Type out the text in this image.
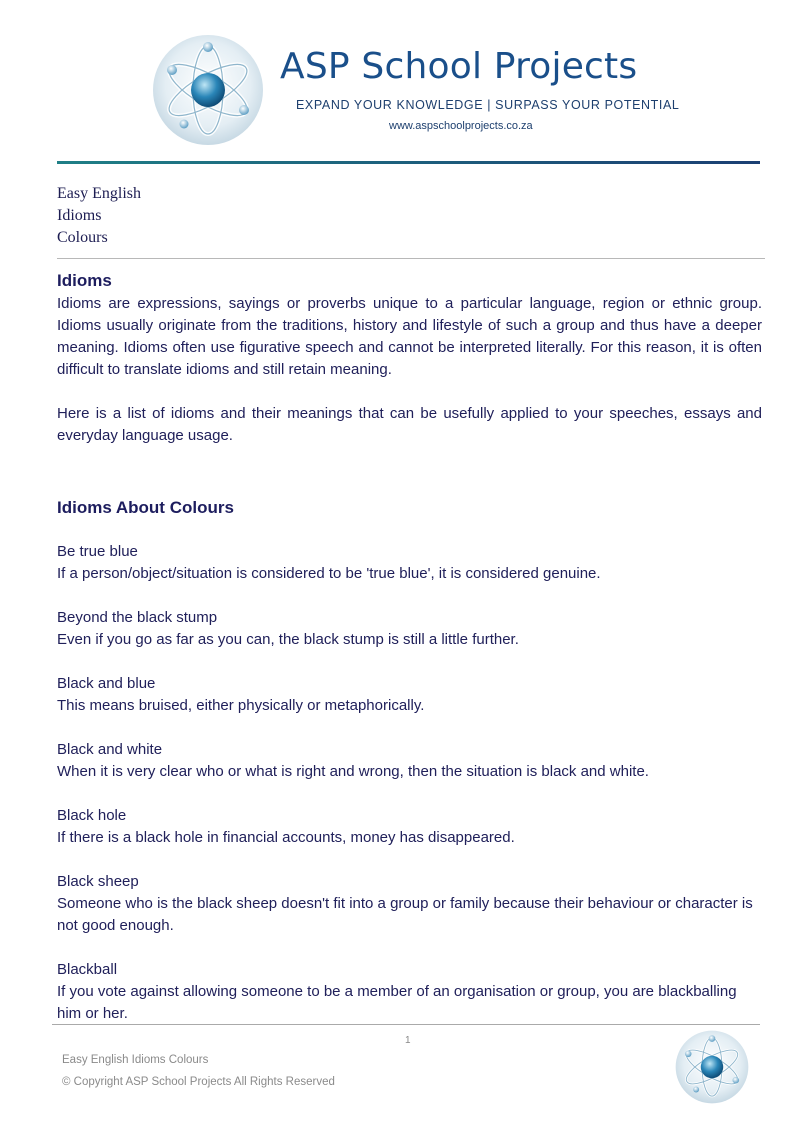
ASP School Projects
EXPAND YOUR KNOWLEDGE | SURPASS YOUR POTENTIAL
www.aspschoolprojects.co.za
Easy English
Idioms
Colours
Idioms

Idioms are expressions, sayings or proverbs unique to a particular language, region or ethnic group. Idioms usually originate from the traditions, history and lifestyle of such a group and thus have a deeper meaning. Idioms often use figurative speech and cannot be interpreted literally. For this reason, it is often difficult to translate idioms and still retain meaning.

Here is a list of idioms and their meanings that can be usefully applied to your speeches, essays and everyday language usage.

Idioms About Colours
Be true blue
If a person/object/situation is considered to be 'true blue', it is considered genuine.
Beyond the black stump
Even if you go as far as you can, the black stump is still a little further.
Black and blue
This means bruised, either physically or metaphorically.
Black and white
When it is very clear who or what is right and wrong, then the situation is black and white.
Black hole
If there is a black hole in financial accounts, money has disappeared.
Black sheep
Someone who is the black sheep doesn't fit into a group or family because their behaviour or character is not good enough.
Blackball
If you vote against allowing someone to be a member of an organisation or group, you are blackballing him or her.
1
Easy English Idioms Colours
© Copyright ASP School Projects All Rights Reserved
